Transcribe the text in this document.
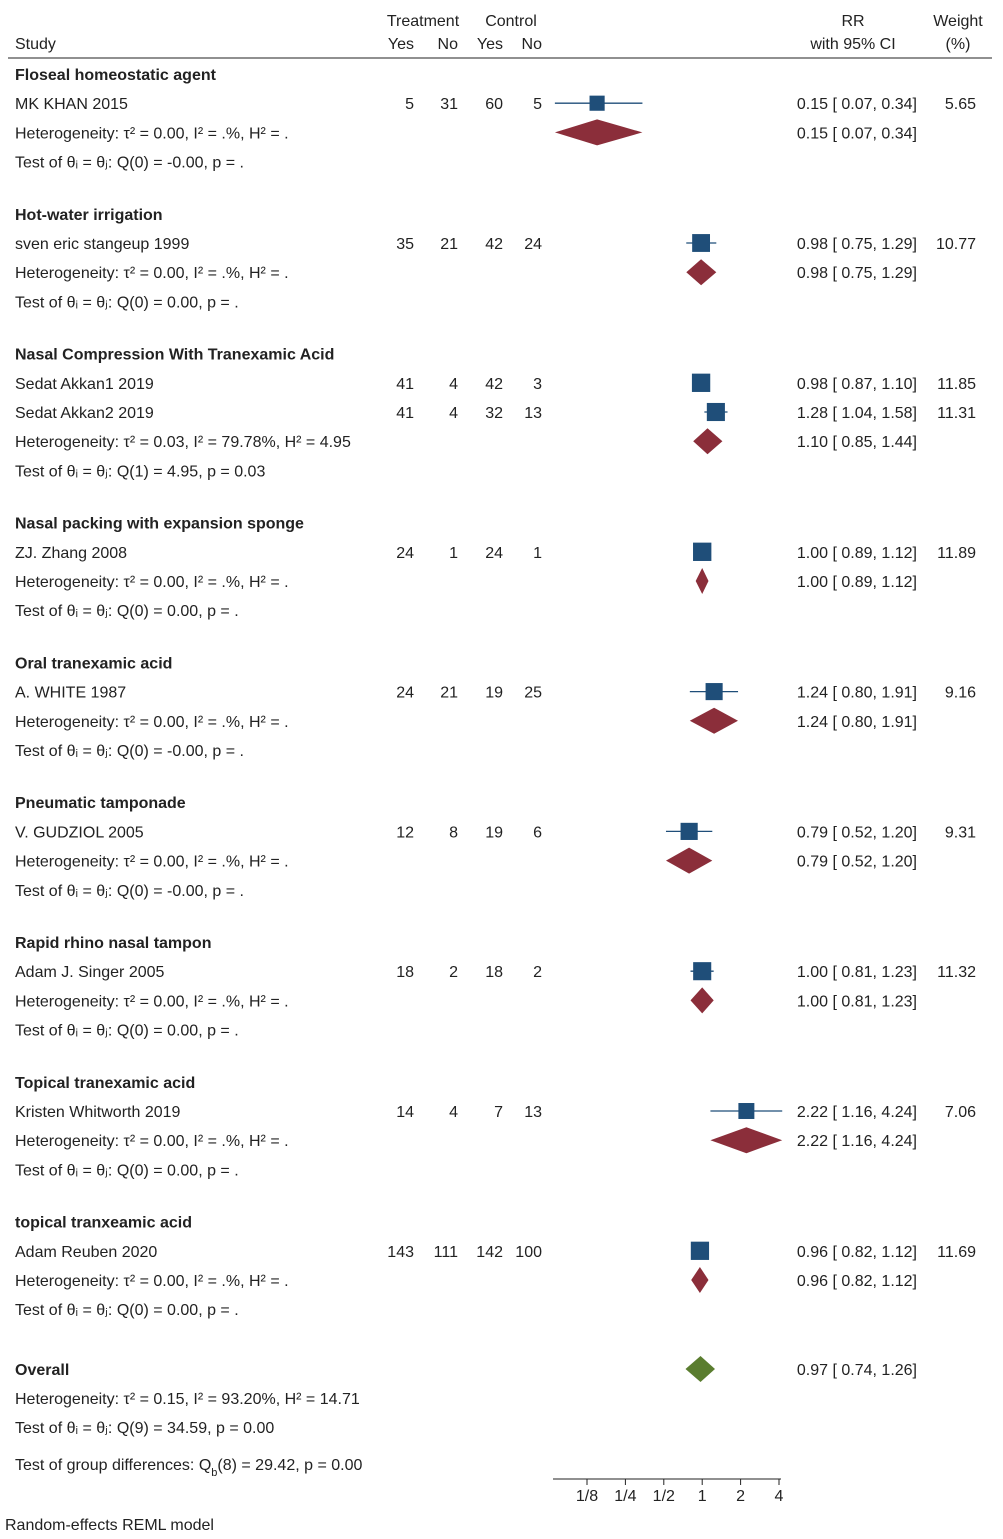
Treatment Control	RR	Weight
Study	Yes No Yes No	with 95% CI	(%)
Floseal homeostatic agent
MK KHAN 2015	5 31 60 5	0.15 [ 0.07, 0.34] 5.65
Heterogeneity: τ² = 0.00, I² = .%, H² = .	0.15 [ 0.07, 0.34]
Test of θᵢ = θⱼ: Q(0) = -0.00, p = .
Hot-water irrigation
sven eric stangeup 1999	35 21 42 24	0.98 [ 0.75, 1.29] 10.77
Heterogeneity: τ² = 0.00, I² = .%, H² = .	0.98 [ 0.75, 1.29]
Test of θᵢ = θⱼ: Q(0) = 0.00, p = .
Nasal Compression With Tranexamic Acid
Sedat Akkan1 2019	41 4 42 3	0.98 [ 0.87, 1.10] 11.85
Sedat Akkan2 2019	41 4 32 13	1.28 [ 1.04, 1.58] 11.31
Heterogeneity: τ² = 0.03, I² = 79.78%, H² = 4.95	1.10 [ 0.85, 1.44]
Test of θᵢ = θⱼ: Q(1) = 4.95, p = 0.03
Nasal packing with expansion sponge
ZJ. Zhang 2008	24 1 24 1	1.00 [ 0.89, 1.12] 11.89
Heterogeneity: τ² = 0.00, I² = .%, H² = .	1.00 [ 0.89, 1.12]
Test of θᵢ = θⱼ: Q(0) = 0.00, p = .
Oral tranexamic acid
A. WHITE 1987	24 21 19 25	1.24 [ 0.80, 1.91] 9.16
Heterogeneity: τ² = 0.00, I² = .%, H² = .	1.24 [ 0.80, 1.91]
Test of θᵢ = θⱼ: Q(0) = -0.00, p = .
Pneumatic tamponade
V. GUDZIOL 2005	12 8 19 6	0.79 [ 0.52, 1.20] 9.31
Heterogeneity: τ² = 0.00, I² = .%, H² = .	0.79 [ 0.52, 1.20]
Test of θᵢ = θⱼ: Q(0) = -0.00, p = .
Rapid rhino nasal tampon
Adam J. Singer 2005	18 2 18 2	1.00 [ 0.81, 1.23] 11.32
Heterogeneity: τ² = 0.00, I² = .%, H² = .	1.00 [ 0.81, 1.23]
Test of θᵢ = θⱼ: Q(0) = 0.00, p = .
Topical tranexamic acid
Kristen Whitworth 2019	14 4 7 13	2.22 [ 1.16, 4.24] 7.06
Heterogeneity: τ² = 0.00, I² = .%, H² = .	2.22 [ 1.16, 4.24]
Test of θᵢ = θⱼ: Q(0) = 0.00, p = .
topical tranxeamic acid
Adam Reuben 2020	143 111 142 100	0.96 [ 0.82, 1.12] 11.69
Heterogeneity: τ² = 0.00, I² = .%, H² = .	0.96 [ 0.82, 1.12]
Test of θᵢ = θⱼ: Q(0) = 0.00, p = .
Overall	0.97 [ 0.74, 1.26]
Heterogeneity: τ² = 0.15, I² = 93.20%, H² = 14.71
Test of θᵢ = θⱼ: Q(9) = 34.59, p = 0.00
Test of group differences: $Q_b(8) = 29.42$, p = 0.00
1/8 1/4 1/2 1 2 4
Random-effects REML model
